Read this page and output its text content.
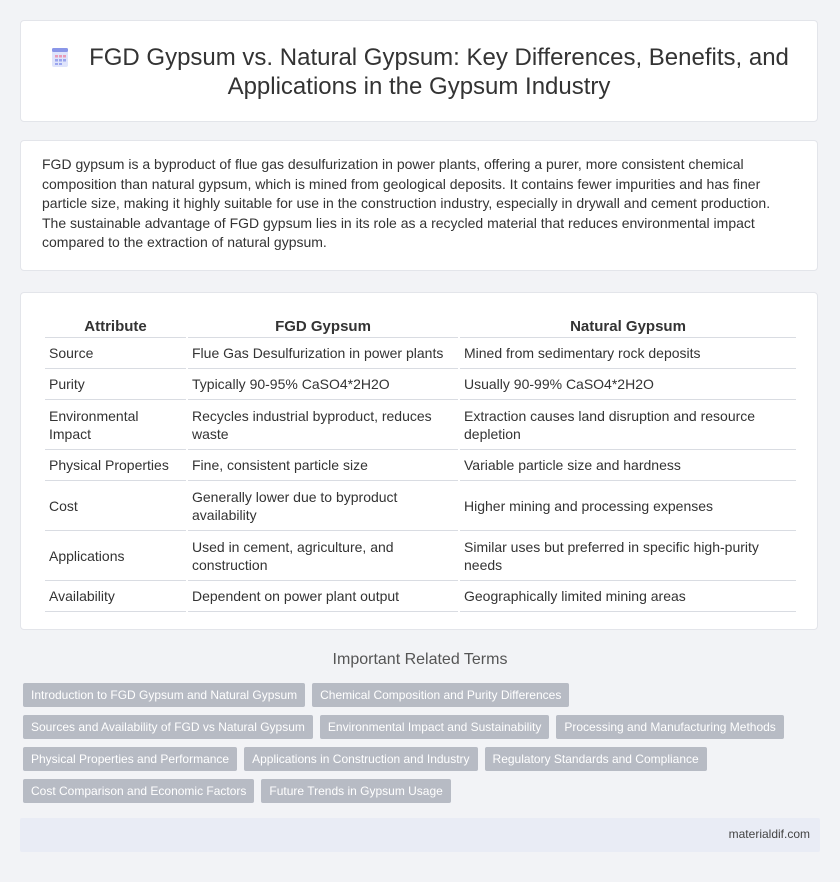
FGD Gypsum vs. Natural Gypsum: Key Differences, Benefits, and Applications in the Gypsum Industry

FGD gypsum is a byproduct of flue gas desulfurization in power plants, offering a purer, more consistent chemical composition than natural gypsum, which is mined from geological deposits. It contains fewer impurities and has finer particle size, making it highly suitable for use in the construction industry, especially in drywall and cement production. The sustainable advantage of FGD gypsum lies in its role as a recycled material that reduces environmental impact compared to the extraction of natural gypsum.

Attribute	FGD Gypsum	Natural Gypsum
Source	Flue Gas Desulfurization in power plants	Mined from sedimentary rock deposits
Purity	Typically 90-95% CaSO4*2H2O	Usually 90-99% CaSO4*2H2O
Environmental Impact	Recycles industrial byproduct, reduces waste	Extraction causes land disruption and resource depletion
Physical Properties	Fine, consistent particle size	Variable particle size and hardness
Cost	Generally lower due to byproduct availability	Higher mining and processing expenses
Applications	Used in cement, agriculture, and construction	Similar uses but preferred in specific high-purity needs
Availability	Dependent on power plant output	Geographically limited mining areas
Important Related Terms
Introduction to FGD Gypsum and Natural Gypsum Chemical Composition and Purity Differences
Sources and Availability of FGD vs Natural Gypsum Environmental Impact and Sustainability Processing and Manufacturing Methods
Physical Properties and Performance Applications in Construction and Industry Regulatory Standards and Compliance
Cost Comparison and Economic Factors Future Trends in Gypsum Usage
materialdif.com
